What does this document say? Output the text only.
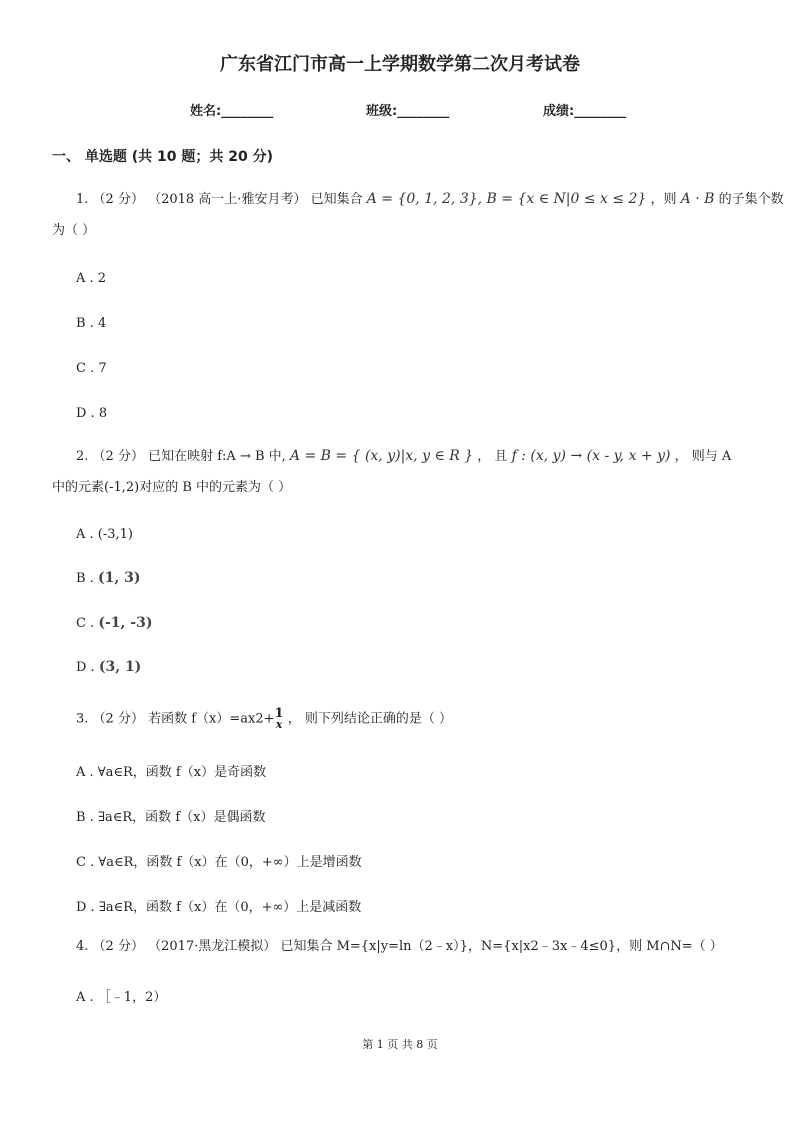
广东省江门市高一上学期数学第二次月考试卷
姓名:________	班级:________	成绩:________
一、 单选题 (共 10 题；共 20 分)
1. （2 分） （2018 高一上·雅安月考） 已知集合 A = {0, 1, 2, 3}, B = {x ∈ N|0 ≤ x ≤ 2} ，则 A · B 的子集个数
为（ ）
A . 2
B . 4
C . 7
D . 8
2. （2 分） 已知在映射 f:A → B 中, A = B = { (x, y)|x, y ∈ R } ， 且 f : (x, y) → (x - y, x + y) ， 则与 A
中的元素(-1,2)对应的 B 中的元素为（ ）
A . (-3,1)
B . (1, 3)
C . (-1, -3)
D . (3, 1)
3. （2 分） 若函数 f（x）=ax2+ 1
x ， 则下列结论正确的是（ ）
A . ∀a∈R，函数 f（x）是奇函数
B . ∃a∈R，函数 f（x）是偶函数
C . ∀a∈R，函数 f（x）在（0，+∞）上是增函数
D . ∃a∈R，函数 f（x）在（0，+∞）上是减函数
4. （2 分） （2017·黑龙江模拟） 已知集合 M={x|y=ln（2﹣x）}，N={x|x2﹣3x﹣4≤0}，则 M∩N=（ ）
A . ［﹣1，2）
第 1 页 共 8 页
